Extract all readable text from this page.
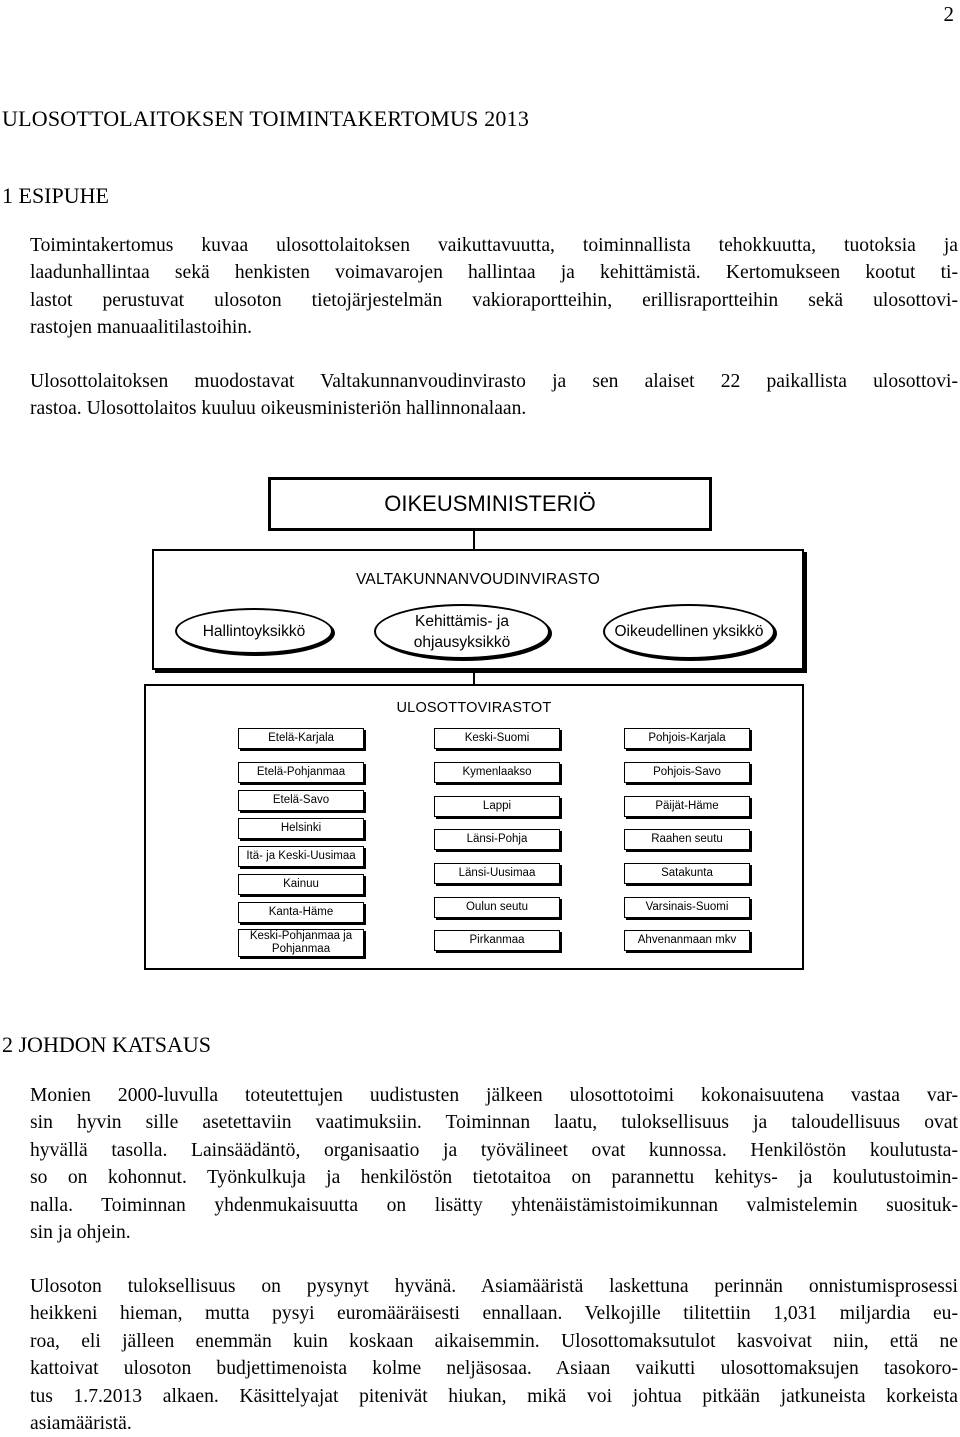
2
ULOSOTTOLAITOKSEN TOIMINTAKERTOMUS 2013
1 ESIPUHE

Toimintakertomus kuvaa ulosottolaitoksen vaikuttavuutta, toiminnallista tehokkuutta, tuotoksia ja
laadunhallintaa sekä henkisten voimavarojen hallintaa ja kehittämistä. Kertomukseen kootut ti-
lastot perustuvat ulosoton tietojärjestelmän vakioraportteihin, erillisraportteihin sekä ulosottovi-
rastojen manuaalitilastoihin.

Ulosottolaitoksen muodostavat Valtakunnanvoudinvirasto ja sen alaiset 22 paikallista ulosottovi-
rastoa. Ulosottolaitos kuuluu oikeusministeriön hallinnonalaan.

OIKEUSMINISTERIÖ
VALTAKUNNANVOUDINVIRASTO
Hallintoyksikkö
Kehittämis- ja ohjausyksikkö
Oikeudellinen yksikkö
ULOSOTTOVIRASTOT
Etelä-Karjala
Etelä-Pohjanmaa
Etelä-Savo
Helsinki
Itä- ja Keski-Uusimaa
Kainuu
Kanta-Häme
Keski-Pohjanmaa ja Pohjanmaa
Keski-Suomi
Kymenlaakso
Lappi
Länsi-Pohja
Länsi-Uusimaa
Oulun seutu
Pirkanmaa
Pohjois-Karjala
Pohjois-Savo
Päijät-Häme
Raahen seutu
Satakunta
Varsinais-Suomi
Ahvenanmaan mkv
2 JOHDON KATSAUS

Monien 2000-luvulla toteutettujen uudistusten jälkeen ulosottotoimi kokonaisuutena vastaa var-
sin hyvin sille asetettaviin vaatimuksiin. Toiminnan laatu, tuloksellisuus ja taloudellisuus ovat
hyvällä tasolla. Lainsäädäntö, organisaatio ja työvälineet ovat kunnossa. Henkilöstön koulutusta-
so on kohonnut. Työnkulkuja ja henkilöstön tietotaitoa on parannettu kehitys- ja koulutustoimin-
nalla. Toiminnan yhdenmukaisuutta on lisätty yhtenäistämistoimikunnan valmistelemin suosituk-
sin ja ohjein.

Ulosoton tuloksellisuus on pysynyt hyvänä. Asiamääristä laskettuna perinnän onnistumisprosessi
heikkeni hieman, mutta pysyi euromääräisesti ennallaan. Velkojille tilitettiin 1,031 miljardia eu-
roa, eli jälleen enemmän kuin koskaan aikaisemmin. Ulosottomaksutulot kasvoivat niin, että ne
kattoivat ulosoton budjettimenoista kolme neljäsosaa. Asiaan vaikutti ulosottomaksujen tasokoro-
tus 1.7.2013 alkaen. Käsittelyajat pitenivät hiukan, mikä voi johtua pitkään jatkuneista korkeista
asiamääristä.
